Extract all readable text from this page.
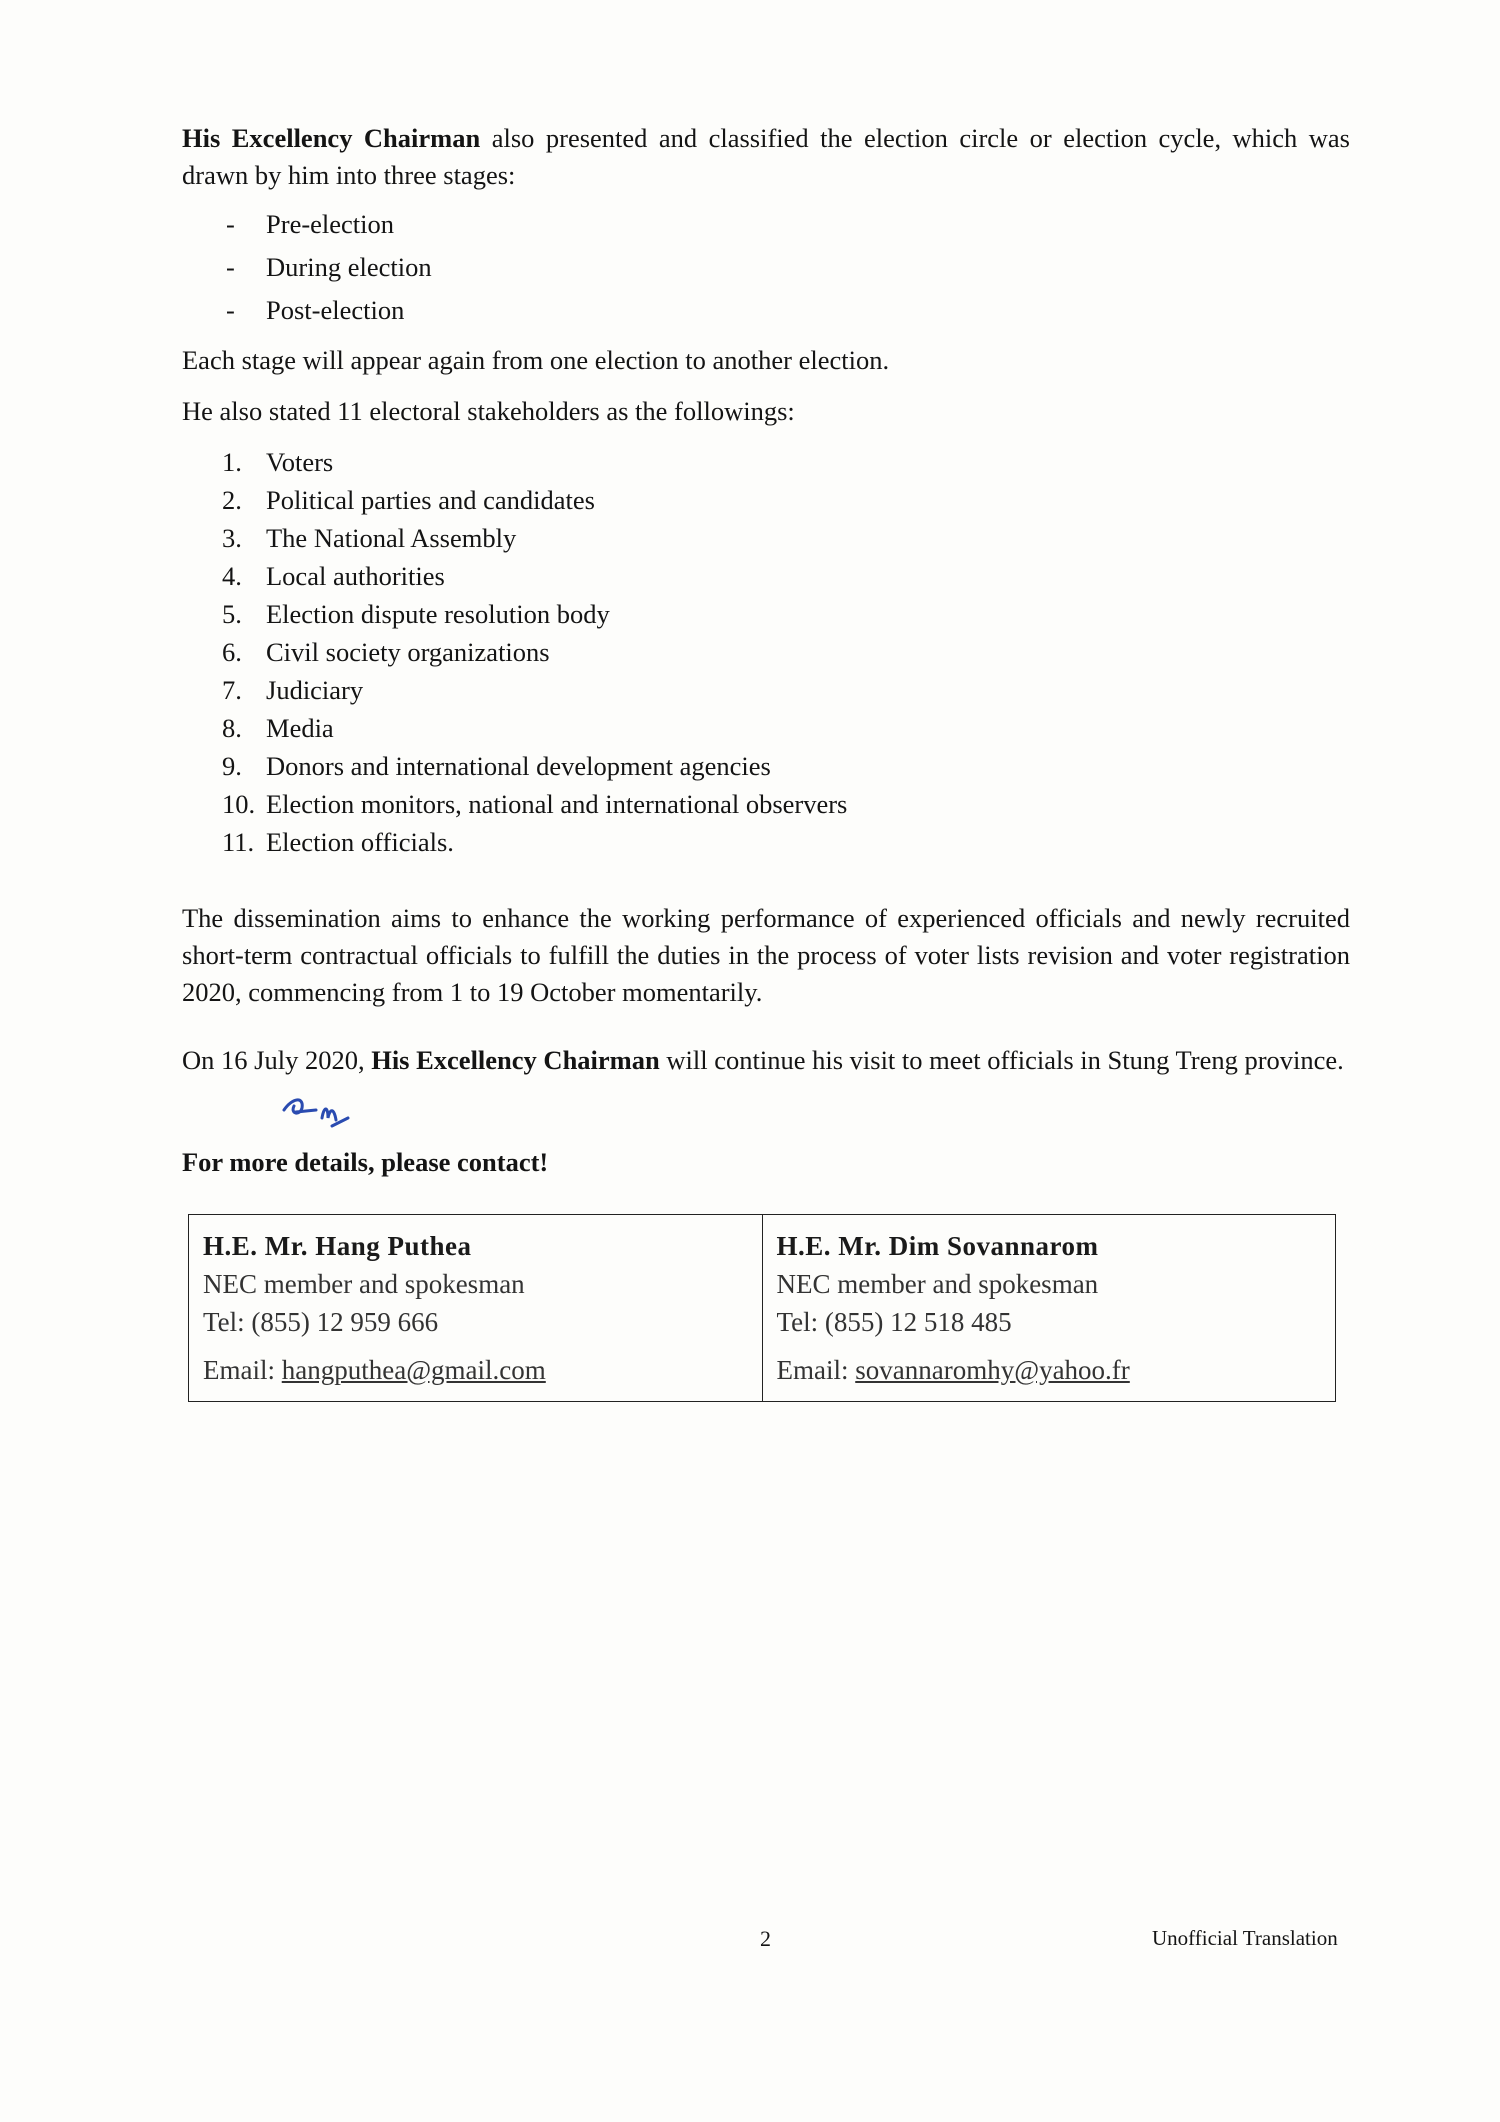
His Excellency Chairman also presented and classified the election circle or election cycle, which was drawn by him into three stages:

- Pre-election
- During election
- Post-election
Each stage will appear again from one election to another election.
He also stated 11 electoral stakeholders as the followings:
1. Voters
2. Political parties and candidates
3. The National Assembly
4. Local authorities
5. Election dispute resolution body
6. Civil society organizations
7. Judiciary
8. Media
9. Donors and international development agencies
10. Election monitors, national and international observers
11. Election officials.

The dissemination aims to enhance the working performance of experienced officials and newly recruited short-term contractual officials to fulfill the duties in the process of voter lists revision and voter registration 2020, commencing from 1 to 19 October momentarily.

On 16 July 2020, His Excellency Chairman will continue his visit to meet officials in Stung Treng province.

For more details, please contact!
H.E. Mr. Hang Puthea
NEC member and spokesman
Tel: (855) 12 959 666
Email: hangputhea@gmail.com

H.E. Mr. Dim Sovannarom
NEC member and spokesman
Tel: (855) 12 518 485
Email: sovannaromhy@yahoo.fr
2	Unofficial Translation
